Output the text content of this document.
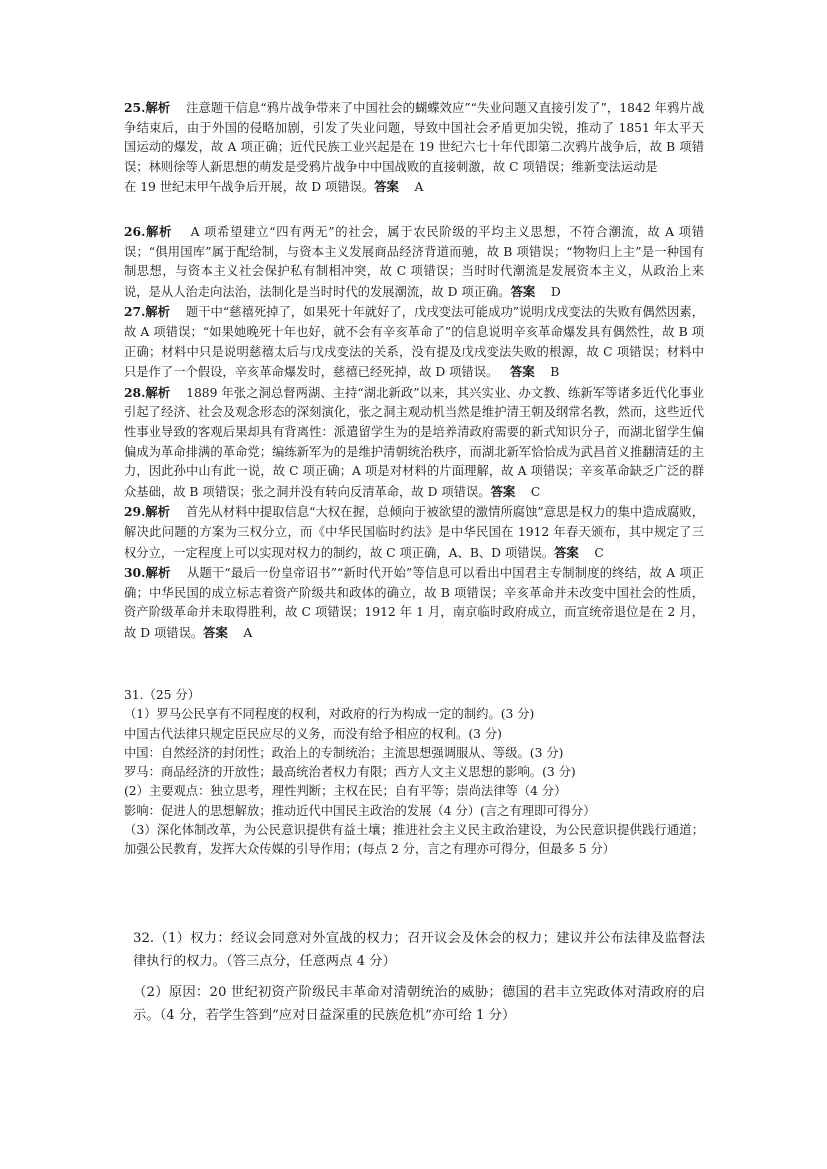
25.解析 注意题干信息“鸦片战争带来了中国社会的蝴蝶效应”“失业问题又直接引发了”，1842 年鸦片战争结束后，由于外国的侵略加剧，引发了失业问题，导致中国社会矛盾更加尖锐，推动了 1851 年太平天国运动的爆发，故 A 项正确；近代民族工业兴起是在 19 世纪六七十年代即第二次鸦片战争后，故 B 项错误；林则徐等人新思想的萌发是受鸦片战争中中国战败的直接刺激，故 C 项错误；维新变法运动是

在 19 世纪末甲午战争后开展，故 D 项错误。答案 A

26.解析 A 项希望建立“四有两无”的社会，属于农民阶级的平均主义思想，不符合潮流，故 A 项错误；“俱用国库”属于配给制，与资本主义发展商品经济背道而驰，故 B 项错误；“物物归上主”是一种国有制思想，与资本主义社会保护私有制相冲突，故 C 项错误；当时时代潮流是发展资本主义，从政治上来说，是从人治走向法治，法制化是当时时代的发展潮流，故 D 项正确。答案 D

27.解析 题干中“慈禧死掉了，如果死十年就好了，戊戌变法可能成功”说明戊戌变法的失败有偶然因素，故 A 项错误；“如果她晚死十年也好，就不会有辛亥革命了”的信息说明辛亥革命爆发具有偶然性，故 B 项正确；材料中只是说明慈禧太后与戊戌变法的关系，没有提及戊戌变法失败的根源，故 C 项错误；材料中只是作了一个假设，辛亥革命爆发时，慈禧已经死掉，故 D 项错误。 答案 B

28.解析 1889 年张之洞总督两湖、主持“湖北新政”以来，其兴实业、办文教、练新军等诸多近代化事业引起了经济、社会及观念形态的深刻演化，张之洞主观动机当然是维护清王朝及纲常名教，然而，这些近代性事业导致的客观后果却具有背离性：派遣留学生为的是培养清政府需要的新式知识分子，而湖北留学生偏偏成为革命排满的革命党；编练新军为的是维护清朝统治秩序，而湖北新军恰恰成为武昌首义推翻清廷的主力，因此孙中山有此一说，故 C 项正确；A 项是对材料的片面理解，故 A 项错误；辛亥革命缺乏广泛的群众基础，故 B 项错误；张之洞并没有转向反清革命，故 D 项错误。答案 C

29.解析 首先从材料中提取信息“大权在握，总倾向于被欲望的激情所腐蚀”意思是权力的集中造成腐败，解决此问题的方案为三权分立，而《中华民国临时约法》是中华民国在 1912 年春天颁布，其中规定了三权分立，一定程度上可以实现对权力的制约，故 C 项正确，A、B、D 项错误。答案 C

30.解析 从题干“最后一份皇帝诏书”“新时代开始”等信息可以看出中国君主专制制度的终结，故 A 项正确；中华民国的成立标志着资产阶级共和政体的确立，故 B 项错误；辛亥革命并未改变中国社会的性质，资产阶级革命并未取得胜利，故 C 项错误；1912 年 1 月，南京临时政府成立，而宣统帝退位是在 2 月，故 D 项错误。答案 A

31.（25 分）
（1）罗马公民享有不同程度的权利，对政府的行为构成一定的制约。(3 分)
中国古代法律只规定臣民应尽的义务，而没有给予相应的权利。(3 分)
中国：自然经济的封闭性；政治上的专制统治；主流思想强调服从、等级。(3 分)
罗马：商品经济的开放性；最高统治者权力有限；西方人文主义思想的影响。(3 分)
(2）主要观点：独立思考，理性判断；主权在民；自有平等；崇尚法律等（4 分）
影响：促进人的思想解放；推动近代中国民主政治的发展（4 分）(言之有理即可得分）
（3）深化体制改革，为公民意识提供有益土壤；推进社会主义民主政治建设，为公民意识提供践行通道；加强公民教育，发挥大众传媒的引导作用；(每点 2 分，言之有理亦可得分，但最多 5 分）

32.（1）权力：经议会同意对外宣战的权力；召开议会及休会的权力；建议并公布法律及监督法律执行的权力。（答三点分，任意两点 4 分）

（2）原因：20 世纪初资产阶级民丰革命对清朝统治的威胁；德国的君丰立宪政体对清政府的启示。（4 分，若学生答到“应对日益深重的民族危机”亦可给 1 分）
